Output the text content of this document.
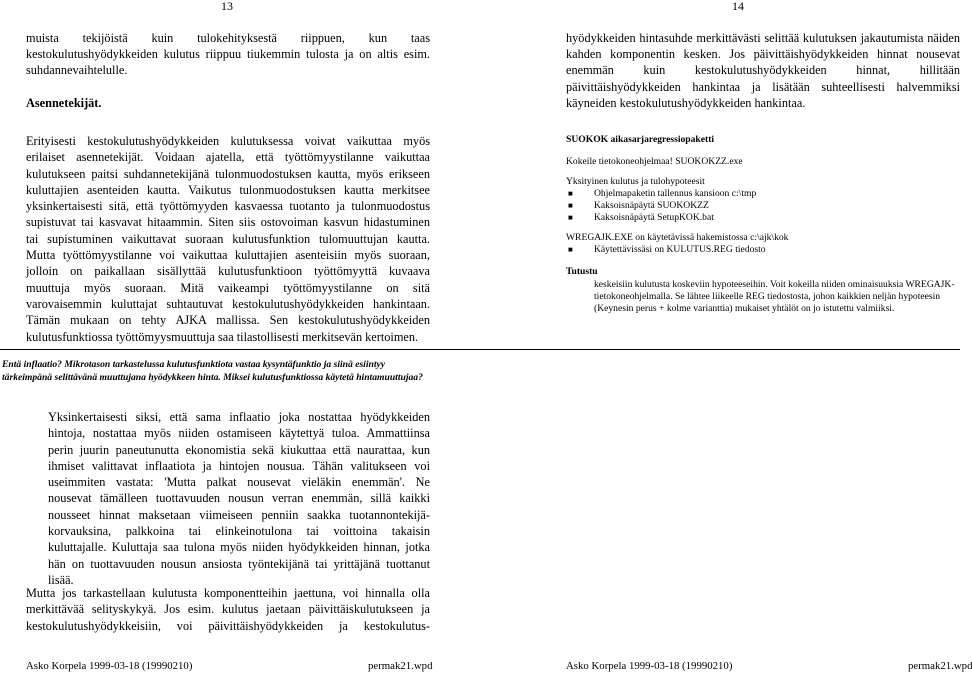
13
muista tekijöistä kuin tulokehityksestä riippuen, kun taas
kestokulutushyödykkeiden kulutus riippuu tiukemmin tulosta ja on altis esim.
suhdannevaihtelulle.
Asennetekijät.
Erityisesti kestokulutushyödykkeiden kulutuksessa voivat vaikuttaa myös
erilaiset asennetekijät. Voidaan ajatella, että työttömyystilanne vaikuttaa
kulutukseen paitsi suhdannetekijänä tulonmuodostuksen kautta, myös erikseen
kuluttajien asenteiden kautta. Vaikutus tulonmuodostuksen kautta merkitsee
yksinkertaisesti sitä, että työttömyyden kasvaessa tuotanto ja tulonmuodostus
supistuvat tai kasvavat hitaammin. Siten siis ostovoiman kasvun hidastuminen
tai supistuminen vaikuttavat suoraan kulutusfunktion tulomuuttujan kautta.
Mutta työttömyystilanne voi vaikuttaa kuluttajien asenteisiin myös suoraan,
jolloin on paikallaan sisällyttää kulutusfunktioon työttömyyttä kuvaava
muuttuja myös suoraan. Mitä vaikeampi työttömyystilanne on sitä
varovaisemmin kuluttajat suhtautuvat kestokulutushyödykkeiden hankintaan.
Tämän mukaan on tehty AJKA mallissa. Sen kestokulutushyödykkeiden
kulutusfunktiossa työttömyysmuuttuja saa tilastollisesti merkitsevän kertoimen.
14
hyödykkeiden hintasuhde merkittävästi selittää kulutuksen jakautumista näiden
kahden komponentin kesken. Jos päivittäishyödykkeiden hinnat nousevat
enemmän kuin kestokulutushyödykkeiden hinnat, hillitään
päivittäishyödykkeiden hankintaa ja lisätään suhteellisesti halvemmiksi
käyneiden kestokulutushyödykkeiden hankintaa.
SUOKOK aikasarjaregressiopaketti
Kokeile tietokoneohjelmaa! SUOKOKZZ.exe
Yksityinen kulutus ja tulohypoteesit
■ Ohjelmapaketin tallennus kansioon c:\tmp
■ Kaksoisnäpäytä SUOKOKZZ
■ Kaksoisnäpäytä SetupKOK.bat
WREGAJK.EXE on käytetävissä hakemistossa c:\ajk\kok
■ Käytettävissäsi on KULUTUS.REG tiedosto
Tutustu
keskeisiin kulutusta koskeviin hypoteeseihin. Voit kokeilla niiden ominaisuuksia WREGAJK-
tietokoneohjelmalla. Se lähtee liikeelle REG tiedostosta, johon kaikkien neljän hypoteesin
(Keynesin perus + kolme varianttia) mukaiset yhtälöt on jo istutettu valmiiksi.
Entä inflaatio? Mikrotason tarkastelussa kulutusfunktiota vastaa kysyntäfunktio ja siinä esiintyy tärkeimpänä selittävänä muuttujana hyödykkeen hinta. Miksei kulutusfunktiossa käytetä hintamuuttujaa?
Yksinkertaisesti siksi, että sama inflaatio joka nostattaa hyödykkeiden
hintoja, nostattaa myös niiden ostamiseen käytettyä tuloa. Ammattiinsa
perin juurin paneutunutta ekonomistia sekä kiukuttaa että naurattaa, kun
ihmiset valittavat inflaatiota ja hintojen nousua. Tähän valitukseen voi
useimmiten vastata: 'Mutta palkat nousevat vieläkin enemmän'. Ne
nousevat tämälleen tuottavuuden nousun verran enemmän, sillä kaikki
nousseet hinnat maksetaan viimeiseen penniin saakka tuotannontekijä-
korvauksina, palkkoina tai elinkeinotulona tai voittoina takaisin
kuluttajalle. Kuluttaja saa tulona myös niiden hyödykkeiden hinnan, jotka
hän on tuottavuuden nousun ansiosta työntekijänä tai yrittäjänä tuottanut
lisää.
Mutta jos tarkastellaan kulutusta komponentteihin jaettuna, voi hinnalla olla
merkittävää selityskykyä. Jos esim. kulutus jaetaan päivittäiskulutukseen ja
kestokulutushyödykkeisiin, voi päivittäishyödykkeiden ja kestokulutus-
Asko Korpela 1999-03-18 (19990210)	permak21.wpd	Asko Korpela 1999-03-18 (19990210)	permak21.wpd
